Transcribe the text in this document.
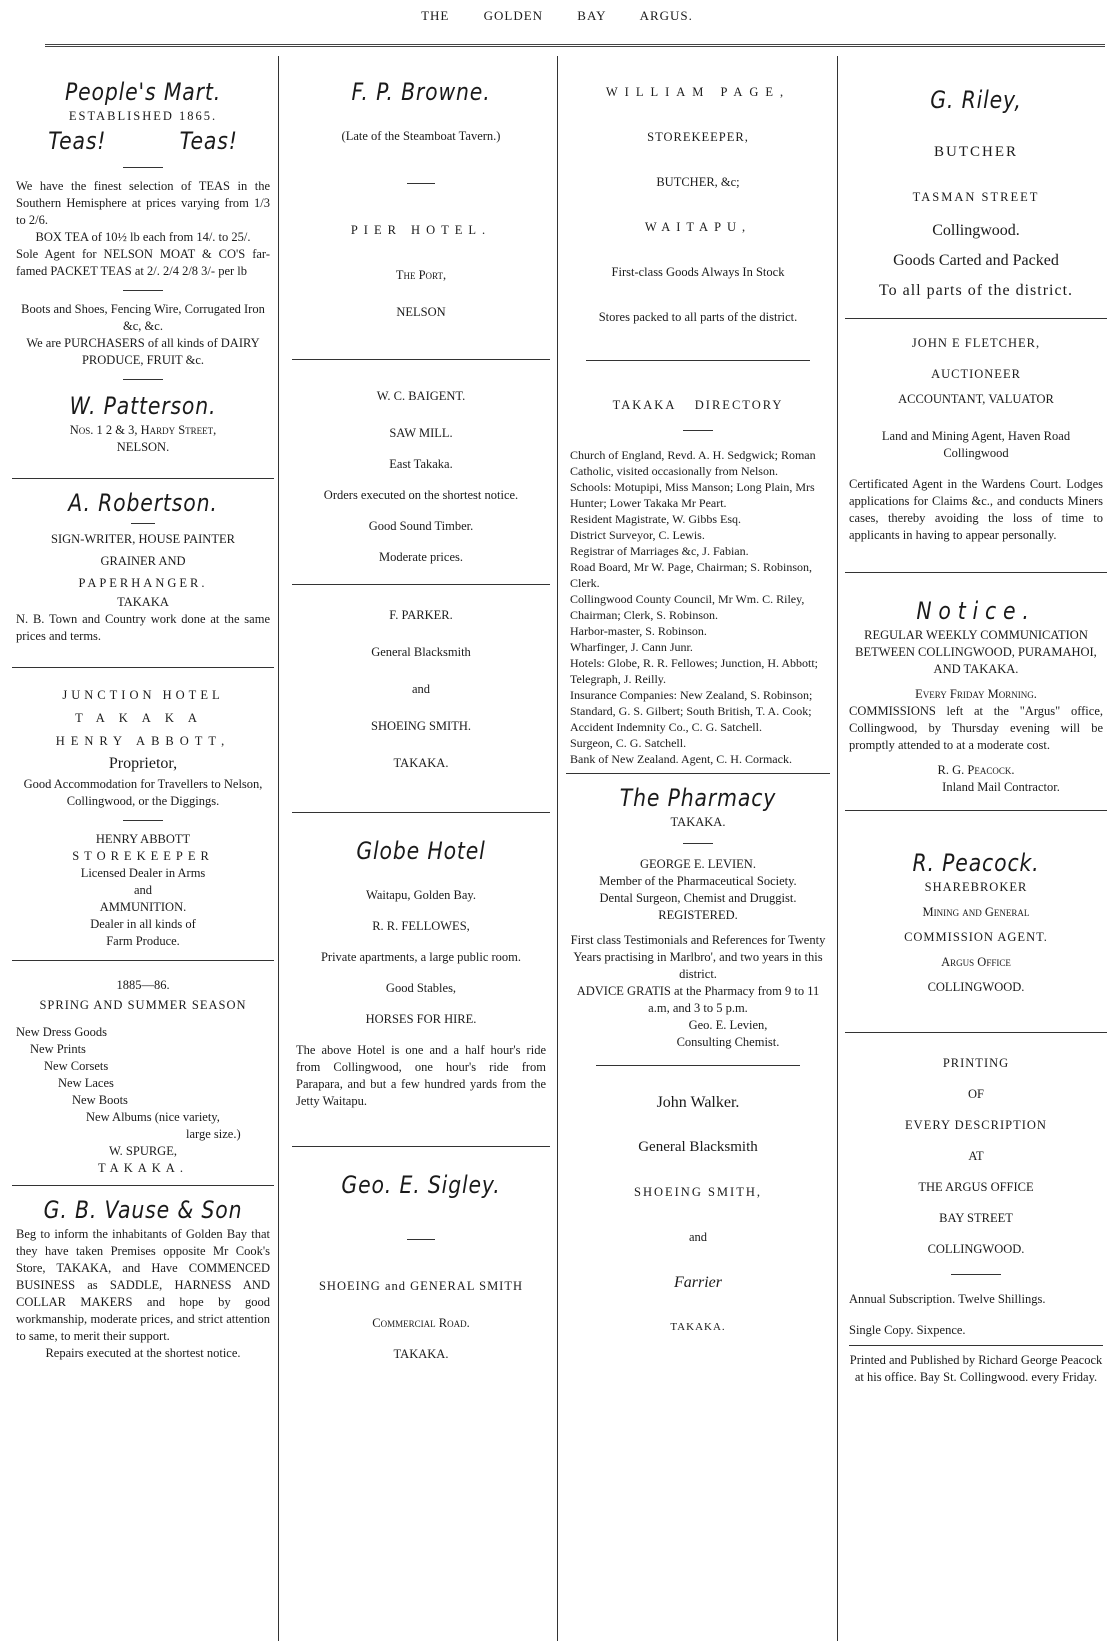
THE GOLDEN BAY ARGUS.
People's Mart.

ESTABLISHED 1865.

Teas!          Teas!

We have the finest selection of TEAS in the Southern Hemisphere at prices varying from 1/3 to 2/6.

BOX TEA of 10½ lb each from 14/. to 25/.

Sole Agent for NELSON MOAT & CO'S far-famed PACKET TEAS at 2/. 2/4 2/8 3/- per lb

Boots and Shoes, Fencing Wire, Corrugated Iron &c, &c.

We are PURCHASERS of all kinds of DAIRY PRODUCE, FRUIT &c.

W. Patterson.

Nos. 1 2 & 3, Hardy Street,

NELSON.

A. Robertson.

SIGN-WRITER, HOUSE PAINTER

GRAINER AND

PAPERHANGER.

TAKAKA

N. B. Town and Country work done at the same prices and terms.

JUNCTION HOTEL

TAKAKA

HENRY ABBOTT,

Proprietor,

Good Accommodation for Travellers to Nelson, Collingwood, or the Diggings.

HENRY ABBOTT

STOREKEEPER

Licensed Dealer in Arms

and

AMMUNITION.

Dealer in all kinds of

Farm Produce.

1885—86.

SPRING AND SUMMER SEASON

New Dress Goods

New Prints

New Corsets

New Laces

New Boots

New Albums (nice variety,

large size.)

W. SPURGE,

TAKAKA.

G. B. Vause & Son

Beg to inform the inhabitants of Golden Bay that they have taken Premises opposite Mr Cook's Store, TAKAKA, and Have COMMENCED BUSINESS as SADDLE, HARNESS AND COLLAR MAKERS and hope by good workmanship, moderate prices, and strict attention to same, to merit their support.

Repairs executed at the shortest notice.

F. P. Browne.

(Late of the Steamboat Tavern.)

PIER HOTEL.

The Port,

NELSON

W. C. BAIGENT.

SAW MILL.

East Takaka.

Orders executed on the shortest notice.

Good Sound Timber.

Moderate prices.

F. PARKER.

General Blacksmith

and

SHOEING SMITH.

TAKAKA.

Globe Hotel

Waitapu, Golden Bay.

R. R. FELLOWES,

Private apartments, a large public room.

Good Stables,

HORSES FOR HIRE.

The above Hotel is one and a half hour's ride from Collingwood, one hour's ride from Parapara, and but a few hundred yards from the Jetty Waitapu.

Geo. E. Sigley.

SHOEING and GENERAL SMITH

Commercial Road.

TAKAKA.

WILLIAM PAGE,

STOREKEEPER,

BUTCHER, &c;

WAITAPU,

First-class Goods Always In Stock

Stores packed to all parts of the district.

TAKAKA DIRECTORY

Church of England, Revd. A. H. Sedgwick; Roman Catholic, visited occasionally from Nelson.

Schools: Motupipi, Miss Manson; Long Plain, Mrs Hunter; Lower Takaka Mr Peart.

Resident Magistrate, W. Gibbs Esq.

District Surveyor, C. Lewis.

Registrar of Marriages &c, J. Fabian.

Road Board, Mr W. Page, Chairman; S. Robinson, Clerk.

Collingwood County Council, Mr Wm. C. Riley, Chairman; Clerk, S. Robinson.

Harbor-master, S. Robinson.

Wharfinger, J. Cann Junr.

Hotels: Globe, R. R. Fellowes; Junction, H. Abbott; Telegraph, J. Reilly.

Insurance Companies: New Zealand, S. Robinson; Standard, G. S. Gilbert; South British, T. A. Cook; Accident Indemnity Co., C. G. Satchell.

Surgeon, C. G. Satchell.

Bank of New Zealand. Agent, C. H. Cormack.

The Pharmacy

TAKAKA.

GEORGE E. LEVIEN.

Member of the Pharmaceutical Society.

Dental Surgeon, Chemist and Druggist.

REGISTERED.

First class Testimonials and References for Twenty Years practising in Marlbro', and two years in this district.

ADVICE GRATIS at the Pharmacy from 9 to 11 a.m, and 3 to 5 p.m.

Geo. E. Levien,

Consulting Chemist.

John Walker.

General Blacksmith

SHOEING SMITH,

and

Farrier

TAKAKA.

G. Riley,

BUTCHER

TASMAN STREET

Collingwood.

Goods Carted and Packed

To all parts of the district.

JOHN E FLETCHER,

AUCTIONEER

ACCOUNTANT, VALUATOR

Land and Mining Agent, Haven Road Collingwood

Certificated Agent in the Wardens Court. Lodges applications for Claims &c., and conducts Miners cases, thereby avoiding the loss of time to applicants in having to appear personally.

Notice.

REGULAR WEEKLY COMMUNICATION BETWEEN COLLINGWOOD, PURAMAHOI, AND TAKAKA.

Every Friday Morning.

COMMISSIONS left at the "Argus" office, Collingwood, by Thursday evening will be promptly attended to at a moderate cost.

R. G. Peacock.

Inland Mail Contractor.

R. Peacock.

SHAREBROKER

Mining and General

COMMISSION AGENT.

Argus Office

COLLINGWOOD.

PRINTING

OF

EVERY DESCRIPTION

AT

THE ARGUS OFFICE

BAY STREET

COLLINGWOOD.

Annual Subscription. Twelve Shillings.

Single Copy. Sixpence.

Printed and Published by Richard George Peacock at his office. Bay St. Collingwood. every Friday.
